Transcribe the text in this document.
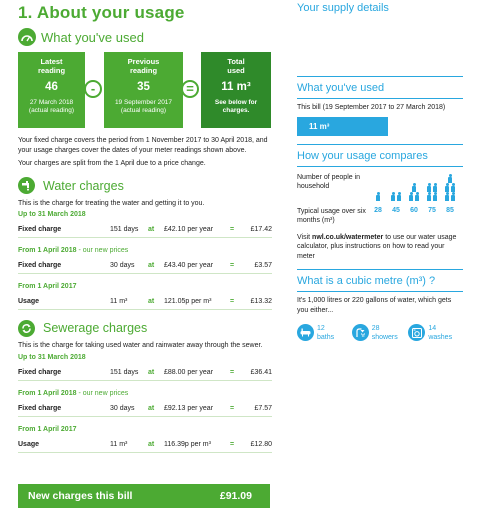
1. About your usage
What you've used
Latest reading
46
27 March 2018
(actual reading)
-
Previous reading
35
19 September 2017
(actual reading)
=
Total used
11 m³
See below for charges.
Your fixed charge covers the period from 1 November 2017 to 30 April 2018, and your usage charges cover the dates of your meter readings shown above.
Your charges are split from the 1 April due to a price change.
Water charges
This is the charge for treating the water and getting it to you.
Up to 31 March 2018
Fixed charge	151 days at £42.10 per year = £17.42
From 1 April 2018 - our new prices
Fixed charge	30 days at £43.40 per year =	£3.57
From 1 April 2017
Usage	11 m³	at 121.05p per m³	= £13.32
Sewerage charges
This is the charge for taking used water and rainwater away through the sewer.
Up to 31 March 2018
Fixed charge	151 days at £88.00 per year = £36.41
From 1 April 2018 - our new prices
Fixed charge	30 days at £92.13 per year =	£7.57
From 1 April 2017
Usage	11 m³	at 116.39p per m³	= £12.80
New charges this bill	£91.09
Your supply details
What you've used
This bill (19 September 2017 to 27 March 2018)
11 m³
How your usage compares
Number of people in household
Typical usage over six months (m³)
28	45	60	75	85
Visit nwl.co.uk/watermeter to use our water usage calculator, plus instructions on how to read your meter
What is a cubic metre (m³) ?
It's 1,000 litres or 220 gallons of water, which gets you either...
12
baths
28
showers
14
washes
